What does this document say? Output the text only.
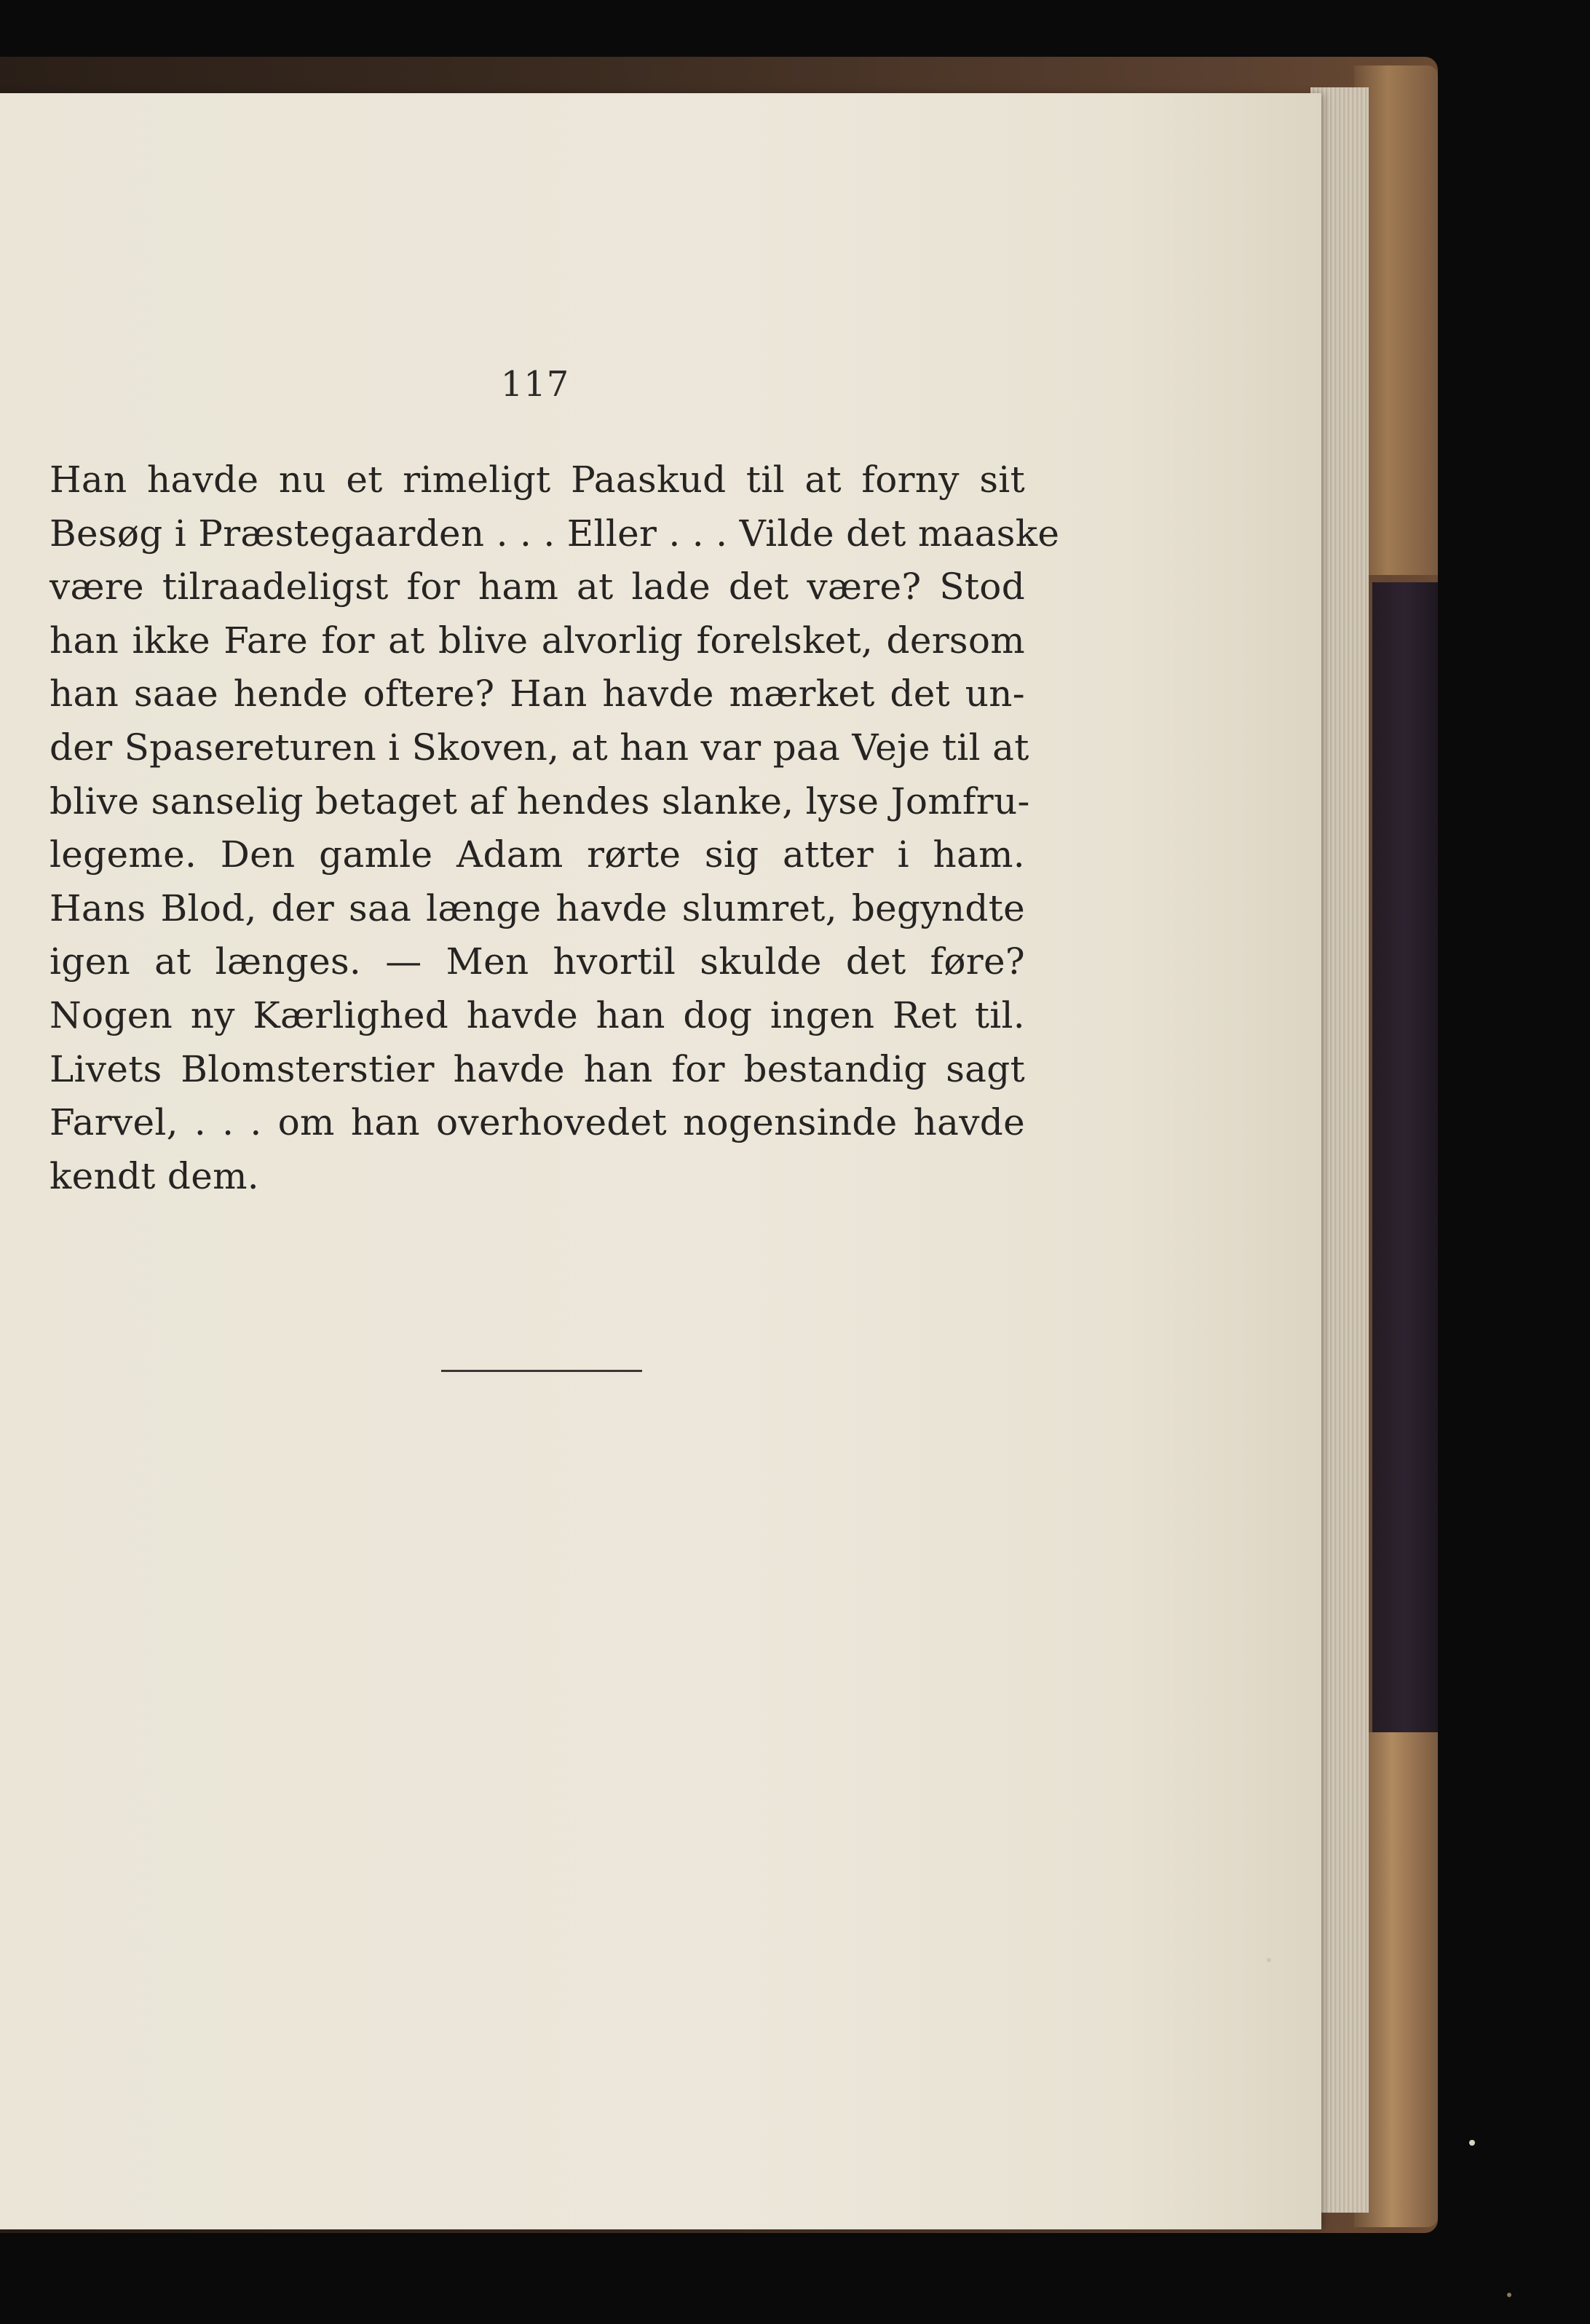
117
Han havde nu et rimeligt Paaskud til at forny sit
Besøg i Præstegaarden . . . Eller . . . Vilde det maaske
være tilraadeligst for ham at lade det være? Stod
han ikke Fare for at blive alvorlig forelsket, dersom
han saae hende oftere? Han havde mærket det un-
der Spasereturen i Skoven, at han var paa Veje til at
blive sanselig betaget af hendes slanke, lyse Jomfru-
legeme. Den gamle Adam rørte sig atter i ham.
Hans Blod, der saa længe havde slumret, begyndte
igen at længes. — Men hvortil skulde det føre?
Nogen ny Kærlighed havde han dog ingen Ret til.
Livets Blomsterstier havde han for bestandig sagt
Farvel, . . . om han overhovedet nogensinde havde
kendt dem.
